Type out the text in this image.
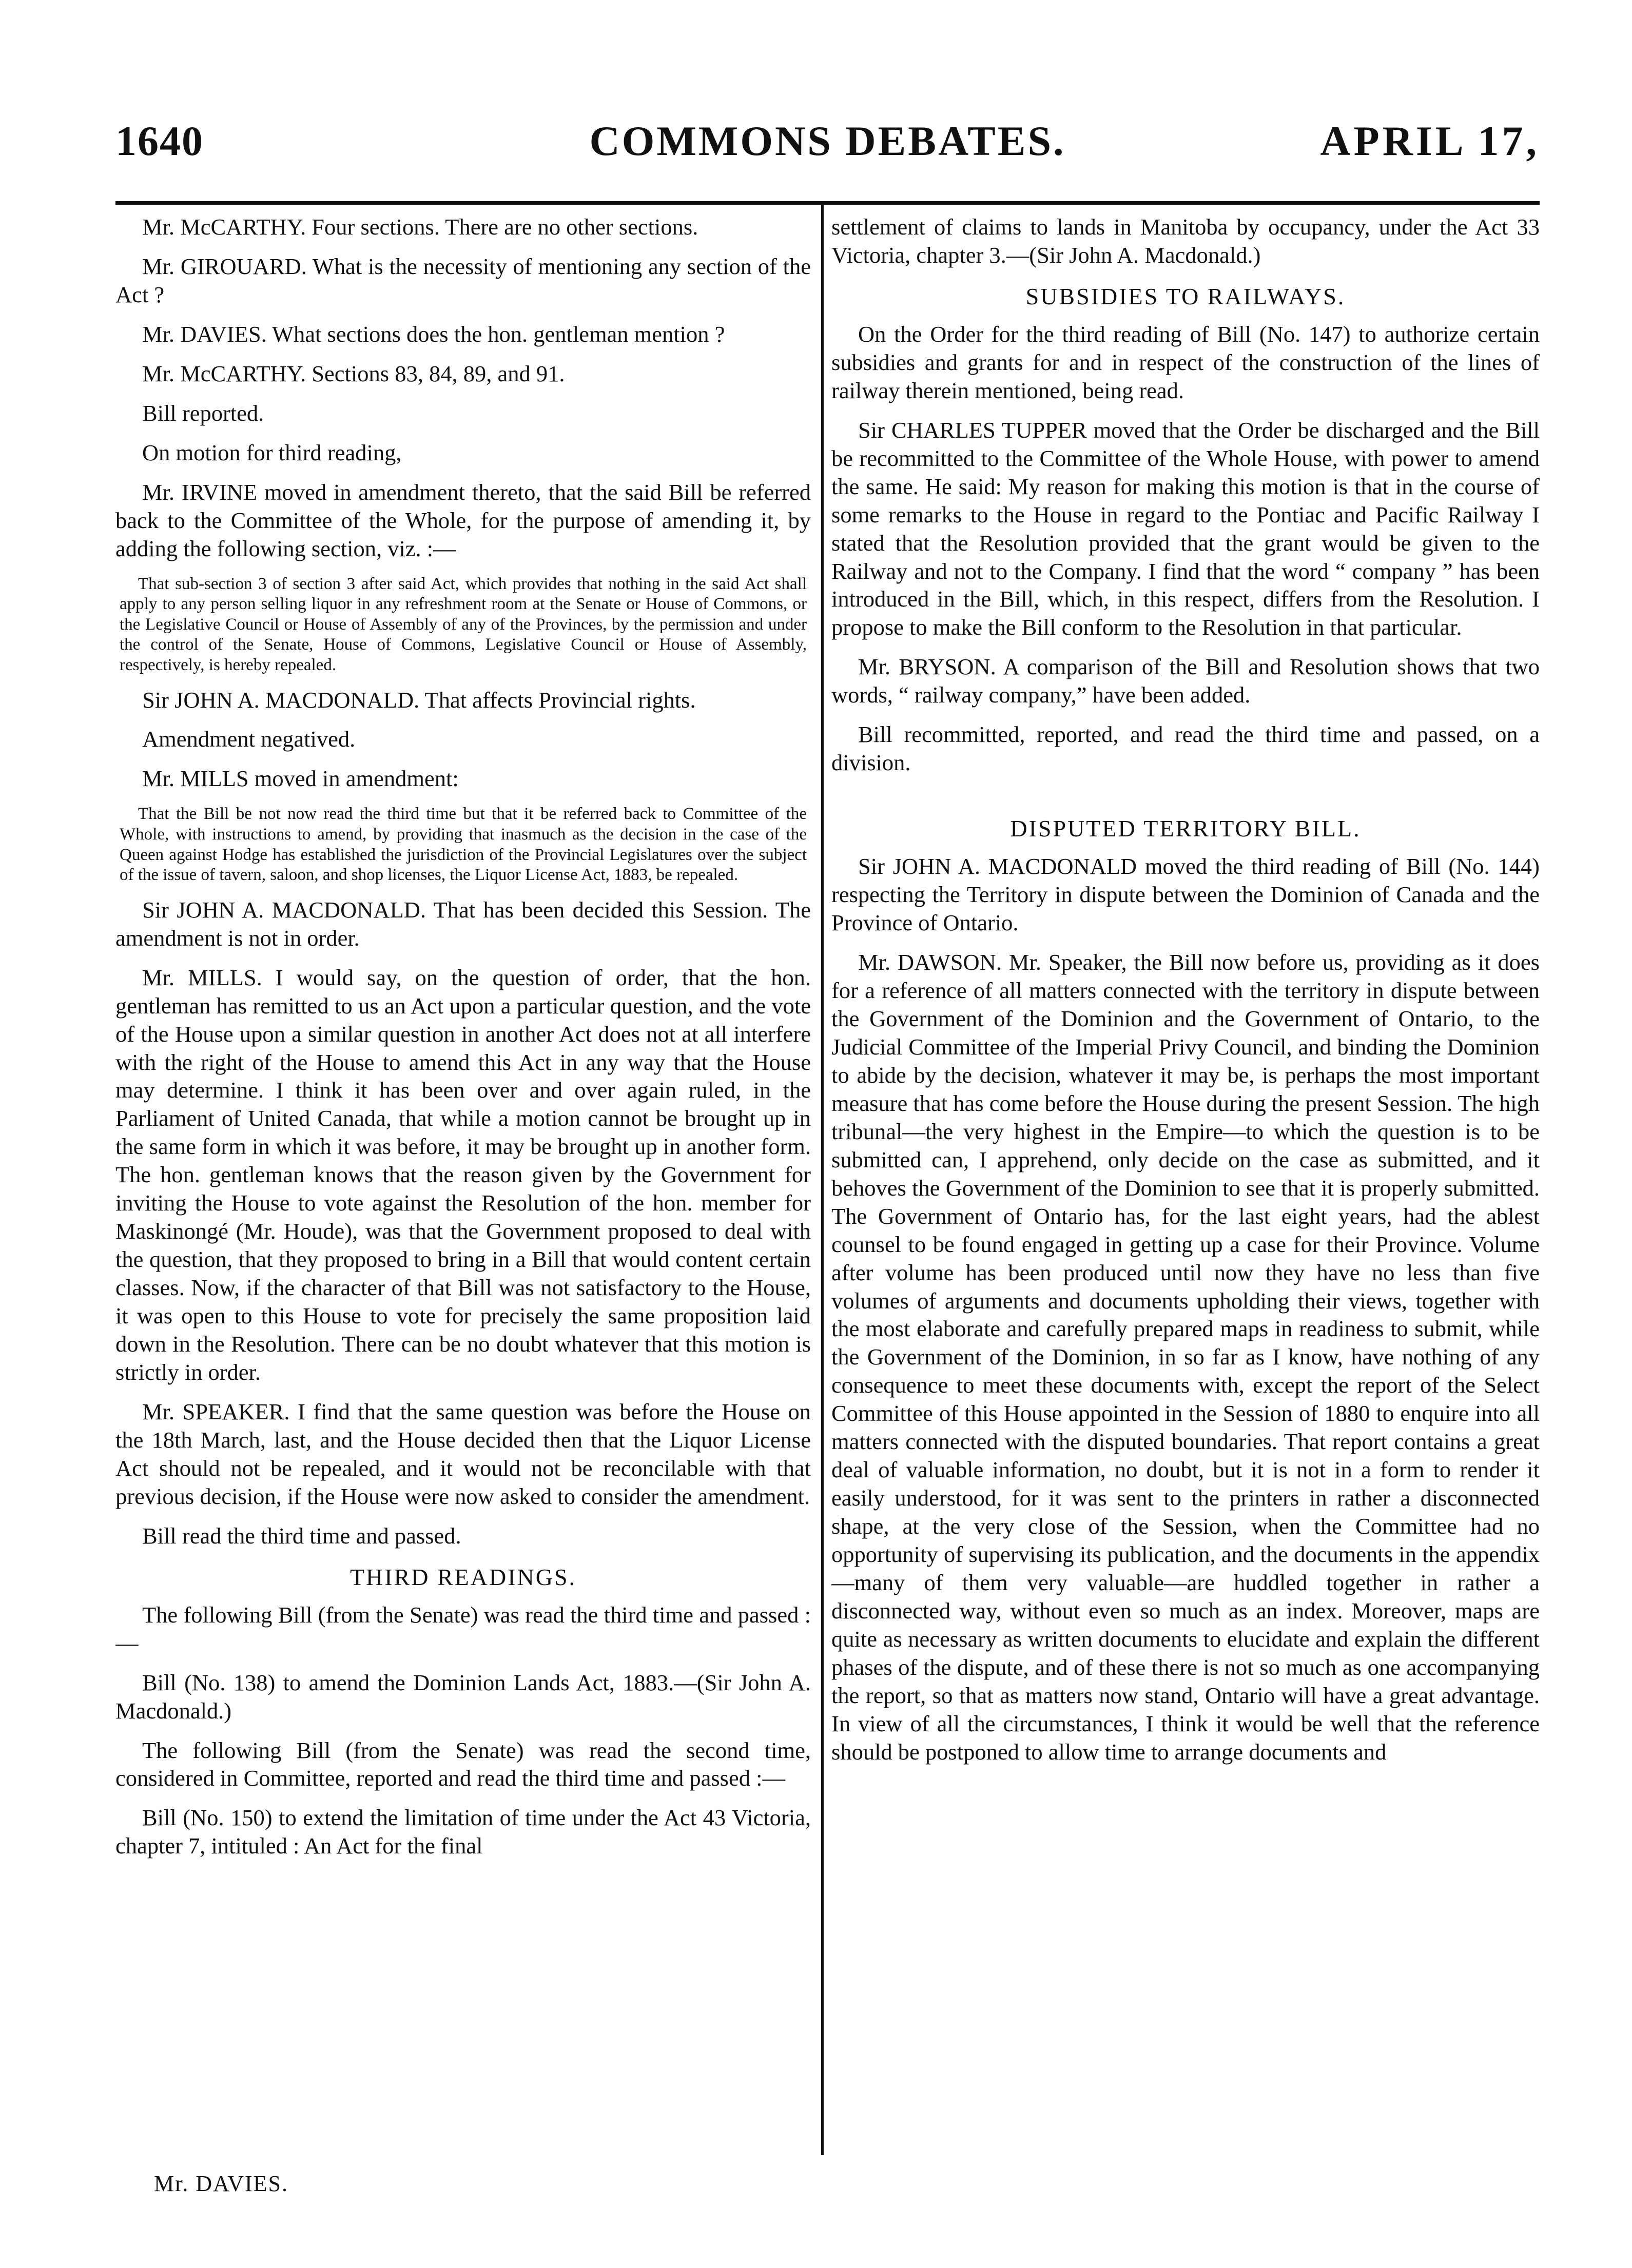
1640	COMMONS DEBATES.	APRIL 17,

Mr. McCARTHY. Four sections. There are no other sections.

Mr. GIROUARD. What is the necessity of mentioning any section of the Act ?

Mr. DAVIES. What sections does the hon. gentleman mention ?

Mr. McCARTHY. Sections 83, 84, 89, and 91.

Bill reported.

On motion for third reading,

Mr. IRVINE moved in amendment thereto, that the said Bill be referred back to the Committee of the Whole, for the purpose of amending it, by adding the following section, viz. :—

That sub-section 3 of section 3 after said Act, which provides that nothing in the said Act shall apply to any person selling liquor in any refreshment room at the Senate or House of Commons, or the Legislative Council or House of Assembly of any of the Provinces, by the permission and under the control of the Senate, House of Commons, Legislative Council or House of Assembly, respectively, is hereby repealed.

Sir JOHN A. MACDONALD. That affects Provincial rights.

Amendment negatived.

Mr. MILLS moved in amendment:

That the Bill be not now read the third time but that it be referred back to Committee of the Whole, with instructions to amend, by providing that inasmuch as the decision in the case of the Queen against Hodge has established the jurisdiction of the Provincial Legislatures over the subject of the issue of tavern, saloon, and shop licenses, the Liquor License Act, 1883, be repealed.

Sir JOHN A. MACDONALD. That has been decided this Session. The amendment is not in order.

Mr. MILLS. I would say, on the question of order, that the hon. gentleman has remitted to us an Act upon a particular question, and the vote of the House upon a similar question in another Act does not at all interfere with the right of the House to amend this Act in any way that the House may determine. I think it has been over and over again ruled, in the Parliament of United Canada, that while a motion cannot be brought up in the same form in which it was before, it may be brought up in another form. The hon. gentleman knows that the reason given by the Government for inviting the House to vote against the Resolution of the hon. member for Maskinongé (Mr. Houde), was that the Government proposed to deal with the question, that they proposed to bring in a Bill that would content certain classes. Now, if the character of that Bill was not satisfactory to the House, it was open to this House to vote for precisely the same proposition laid down in the Resolution. There can be no doubt whatever that this motion is strictly in order.

Mr. SPEAKER. I find that the same question was before the House on the 18th March, last, and the House decided then that the Liquor License Act should not be repealed, and it would not be reconcilable with that previous decision, if the House were now asked to consider the amendment.

Bill read the third time and passed.

THIRD READINGS.

The following Bill (from the Senate) was read the third time and passed :—

Bill (No. 138) to amend the Dominion Lands Act, 1883.—(Sir John A. Macdonald.)

The following Bill (from the Senate) was read the second time, considered in Committee, reported and read the third time and passed :—

Bill (No. 150) to extend the limitation of time under the Act 43 Victoria, chapter 7, intituled : An Act for the final

settlement of claims to lands in Manitoba by occupancy, under the Act 33 Victoria, chapter 3.—(Sir John A. Macdonald.)

SUBSIDIES TO RAILWAYS.

On the Order for the third reading of Bill (No. 147) to authorize certain subsidies and grants for and in respect of the construction of the lines of railway therein mentioned, being read.

Sir CHARLES TUPPER moved that the Order be discharged and the Bill be recommitted to the Committee of the Whole House, with power to amend the same. He said: My reason for making this motion is that in the course of some remarks to the House in regard to the Pontiac and Pacific Railway I stated that the Resolution provided that the grant would be given to the Railway and not to the Company. I find that the word “ company ” has been introduced in the Bill, which, in this respect, differs from the Resolution. I propose to make the Bill conform to the Resolution in that particular.

Mr. BRYSON. A comparison of the Bill and Resolution shows that two words, “ railway company,” have been added.

Bill recommitted, reported, and read the third time and passed, on a division.

DISPUTED TERRITORY BILL.

Sir JOHN A. MACDONALD moved the third reading of Bill (No. 144) respecting the Territory in dispute between the Dominion of Canada and the Province of Ontario.

Mr. DAWSON. Mr. Speaker, the Bill now before us, providing as it does for a reference of all matters connected with the territory in dispute between the Government of the Dominion and the Government of Ontario, to the Judicial Committee of the Imperial Privy Council, and binding the Dominion to abide by the decision, whatever it may be, is perhaps the most important measure that has come before the House during the present Session. The high tribunal—the very highest in the Empire—to which the question is to be submitted can, I apprehend, only decide on the case as submitted, and it behoves the Government of the Dominion to see that it is properly submitted. The Government of Ontario has, for the last eight years, had the ablest counsel to be found engaged in getting up a case for their Province. Volume after volume has been produced until now they have no less than five volumes of arguments and documents upholding their views, together with the most elaborate and carefully prepared maps in readiness to submit, while the Government of the Dominion, in so far as I know, have nothing of any consequence to meet these documents with, except the report of the Select Committee of this House appointed in the Session of 1880 to enquire into all matters connected with the disputed boundaries. That report contains a great deal of valuable information, no doubt, but it is not in a form to render it easily understood, for it was sent to the printers in rather a disconnected shape, at the very close of the Session, when the Committee had no opportunity of supervising its publication, and the documents in the appendix—many of them very valuable—are huddled together in rather a disconnected way, without even so much as an index. Moreover, maps are quite as necessary as written documents to elucidate and explain the different phases of the dispute, and of these there is not so much as one accompanying the report, so that as matters now stand, Ontario will have a great advantage. In view of all the circumstances, I think it would be well that the reference should be postponed to allow time to arrange documents and

Mr. DAVIES.
